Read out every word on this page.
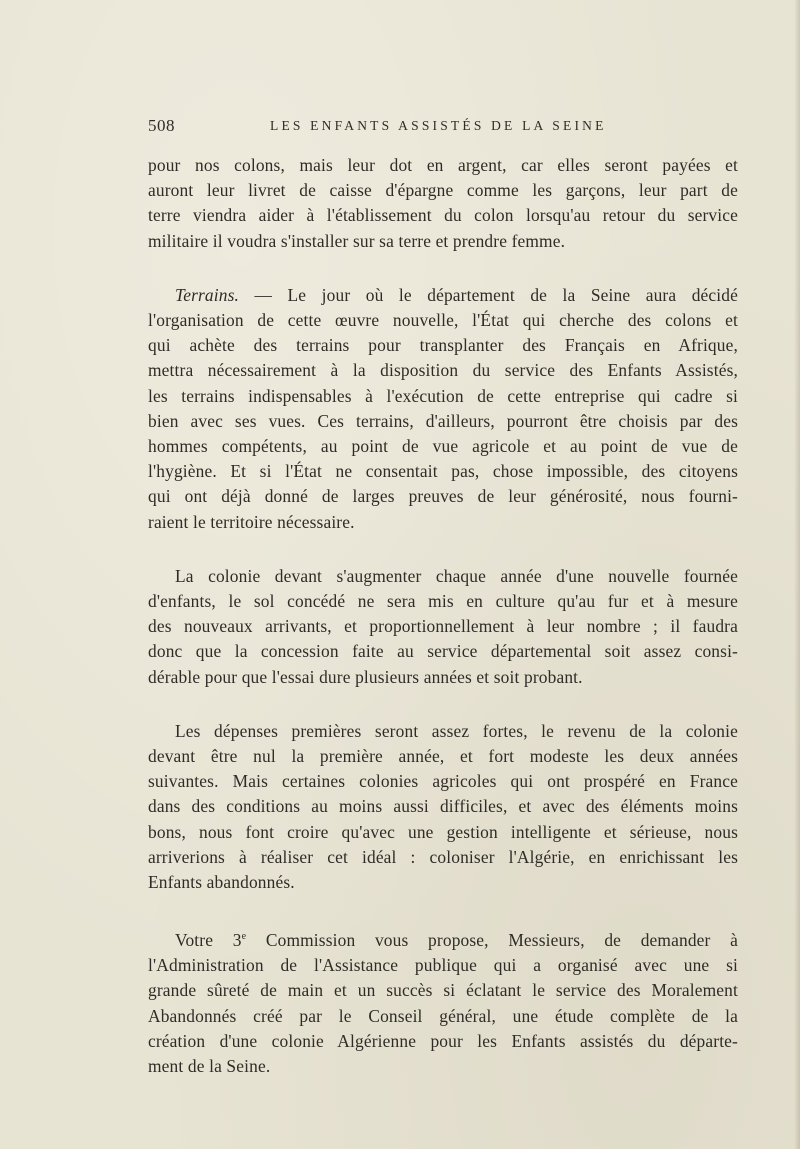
508	LES ENFANTS ASSISTÉS DE LA SEINE

pour nos colons, mais leur dot en argent, car elles seront payées et
auront leur livret de caisse d'épargne comme les garçons, leur part de
terre viendra aider à l'établissement du colon lorsqu'au retour du service
militaire il voudra s'installer sur sa terre et prendre femme.

Terrains. — Le jour où le département de la Seine aura décidé
l'organisation de cette œuvre nouvelle, l'État qui cherche des colons et
qui achète des terrains pour transplanter des Français en Afrique,
mettra nécessairement à la disposition du service des Enfants Assistés,
les terrains indispensables à l'exécution de cette entreprise qui cadre si
bien avec ses vues. Ces terrains, d'ailleurs, pourront être choisis par des
hommes compétents, au point de vue agricole et au point de vue de
l'hygiène. Et si l'État ne consentait pas, chose impossible, des citoyens
qui ont déjà donné de larges preuves de leur générosité, nous fourni-
raient le territoire nécessaire.

La colonie devant s'augmenter chaque année d'une nouvelle fournée
d'enfants, le sol concédé ne sera mis en culture qu'au fur et à mesure
des nouveaux arrivants, et proportionnellement à leur nombre ; il faudra
donc que la concession faite au service départemental soit assez consi-
dérable pour que l'essai dure plusieurs années et soit probant.

Les dépenses premières seront assez fortes, le revenu de la colonie
devant être nul la première année, et fort modeste les deux années
suivantes. Mais certaines colonies agricoles qui ont prospéré en France
dans des conditions au moins aussi difficiles, et avec des éléments moins
bons, nous font croire qu'avec une gestion intelligente et sérieuse, nous
arriverions à réaliser cet idéal : coloniser l'Algérie, en enrichissant les
Enfants abandonnés.

Votre 3e Commission vous propose, Messieurs, de demander à
l'Administration de l'Assistance publique qui a organisé avec une si
grande sûreté de main et un succès si éclatant le service des Moralement
Abandonnés créé par le Conseil général, une étude complète de la
création d'une colonie Algérienne pour les Enfants assistés du départe-
ment de la Seine.
